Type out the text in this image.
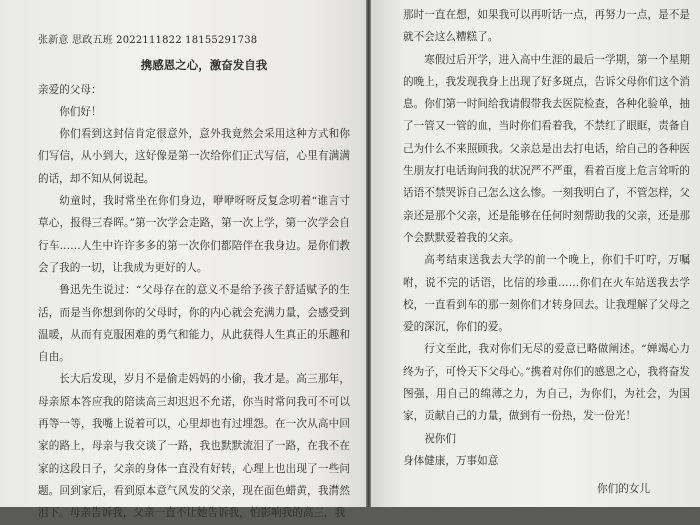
张新意 思政五班 2022111822 18155291738

携感恩之心，激奋发自我

亲爱的父母：

你们好！

你们看到这封信肯定很意外，意外我竟然会采用这种方式和你们写信，从小到大，这好像是第一次给你们正式写信，心里有满满的话，却不知从何说起。

幼童时，我时常坐在你们身边，咿咿呀呀反复念叨着“谁言寸草心，报得三春晖。”第一次学会走路，第一次上学，第一次学会自行车……人生中许许多多的第一次你们都陪伴在我身边。是你们教会了我的一切，让我成为更好的人。

鲁迅先生说过：“父母存在的意义不是给予孩子舒适赋予的生活，而是当你想到你的父母时，你的内心就会充满力量，会感受到温暖，从而有克服困难的勇气和能力，从此获得人生真正的乐趣和自由。

长大后发现，岁月不是偷走妈妈的小偷，我才是。高三那年，母亲原本答应我的陪读高三却迟迟不允诺，你当时常问我可不可以再等一等，我嘴上说着可以，心里却也有过埋怨。在一次从高中回家的路上，母亲与我交谈了一路，我也默默流泪了一路，在我不在家的这段日子，父亲的身体一直没有好转，心理上也出现了一些问题。回到家后，看到原本意气风发的父亲，现在面色蜡黄，我潸然泪下。母亲告诉我，父亲一直不让她告诉我，怕影响我的高三，我

那时一直在想，如果我可以再听话一点，再努力一点，是不是就不会这么糟糕了。

寒假过后开学，进入高中生涯的最后一学期，第一个星期的晚上，我发现我身上出现了好多斑点，告诉父母你们这个消息。你们第一时间给我请假带我去医院检查，各种化验单，抽了一管又一管的血，当时你们看着我，不禁红了眼眶，责备自己为什么不来照顾我。父亲总是出去打电话，给自己的各种医生朋友打电话询问我的状况严不严重，看着百度上危言耸听的话语不禁哭诉自己怎么这么惨。一刻我明白了，不管怎样，父亲还是那个父亲，还是能够在任何时刻帮助我的父亲，还是那个会默默爱着我的父亲。

高考结束送我去大学的前一个晚上，你们千叮咛，万嘱咐，说不完的话语，比信的珍重……你们在火车站送我去学校，一直看到车的那一刻你们才转身回去。让我理解了父母之爱的深沉，你们的爱。

行文至此，我对你们无尽的爱意已略做阐述。“婵竭心力终为子，可怜天下父母心。”携着对你们的感恩之心，我将奋发图强，用自己的绵薄之力，为自己，为你们，为社会，为国家，贡献自己的力量，做到有一份热，发一份光！

祝你们

身体健康，万事如意

你们的女儿
